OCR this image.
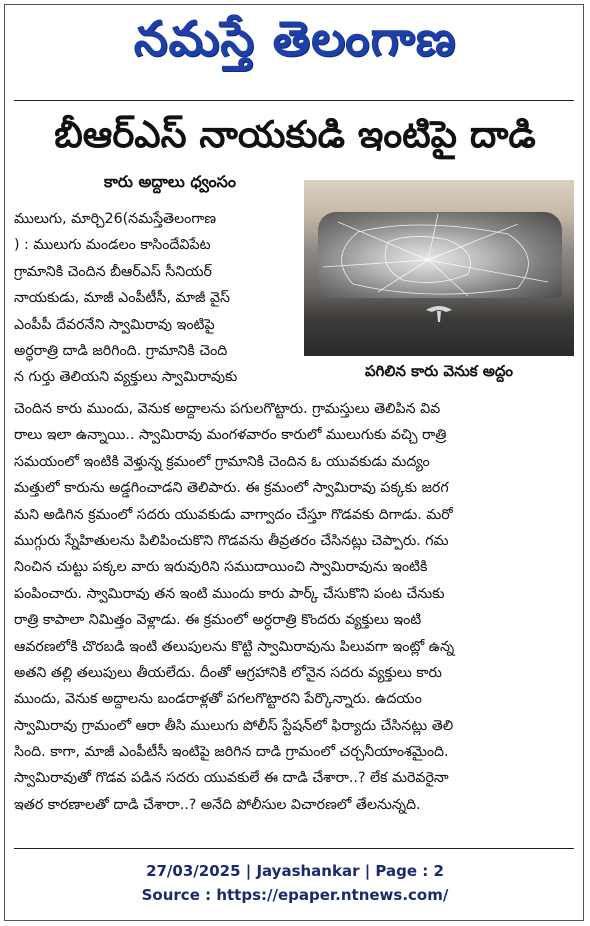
నమస్తే తెలంగాణ
బీఆర్ఎస్ నాయకుడి ఇంటిపై దాడి
కారు అద్దాలు ధ్వంసం
పగిలిన కారు వెనుక అద్దం
ములుగు, మార్చి26(నమస్తేతెలంగాణ
) : ములుగు మండలం కాసిందేవిపేట
గ్రామానికి చెందిన బీఆర్ఎస్ సీనియర్
నాయకుడు, మాజీ ఎంపీటీసీ, మాజీ వైస్
ఎంపీపీ దేవరనేని స్వామిరావు ఇంటిపై
అర్ధరాత్రి దాడి జరిగింది. గ్రామానికి చెంది
న గుర్తు తెలియని వ్యక్తులు స్వామిరావుకు
చెందిన కారు ముందు, వెనుక అద్దాలను పగులగొట్టారు. గ్రామస్తులు తెలిపిన వివ
రాలు ఇలా ఉన్నాయి.. స్వామిరావు మంగళవారం కారులో ములుగుకు వచ్చి రాత్రి
సమయంలో ఇంటికి వెళ్తున్న క్రమంలో గ్రామానికి చెందిన ఓ యువకుడు మద్యం
మత్తులో కారును అడ్డగించాడని తెలిపారు. ఈ క్రమంలో స్వామిరావు పక్కకు జరగ
మని అడిగిన క్రమంలో సదరు యువకుడు వాగ్వాదం చేస్తూ గొడవకు దిగాడు. మరో
ముగ్గురు స్నేహితులను పిలిపించుకొని గొడవను తీవ్రతరం చేసినట్లు చెప్పారు. గమ
నించిన చుట్టు పక్కల వారు ఇరువురిని సముదాయించి స్వామిరావును ఇంటికి
పంపించారు. స్వామిరావు తన ఇంటి ముందు కారు పార్క్ చేసుకొని పంట చేనుకు
రాత్రి కాపాలా నిమిత్తం వెళ్లాడు. ఈ క్రమంలో అర్ధరాత్రి కొందరు వ్యక్తులు ఇంటి
ఆవరణలోకి చొరబడి ఇంటి తలుపులను కొట్టి స్వామిరావును పిలువగా ఇంట్లో ఉన్న
అతని తల్లి తలుపులు తీయలేదు. దీంతో ఆగ్రహానికి లోనైన సదరు వ్యక్తులు కారు
ముందు, వెనుక అద్దాలను బండరాళ్లతో పగలగొట్టారని పేర్కొన్నారు. ఉదయం
స్వామిరావు గ్రామంలో ఆరా తీసి ములుగు పోలీస్ స్టేషన్‌లో ఫిర్యాదు చేసినట్లు తెలి
సింది. కాగా, మాజీ ఎంపీటీసీ ఇంటిపై జరిగిన దాడి గ్రామంలో చర్చనీయాంశమైంది.
స్వామిరావుతో గొడవ పడిన సదరు యువకులే ఈ దాడి చేశారా..? లేక మరెవరైనా
ఇతర కారణాలతో దాడి చేశారా..? అనేది పోలీసుల విచారణలో తేలనున్నది.
27/03/2025 | Jayashankar | Page : 2
Source : https://epaper.ntnews.com/
